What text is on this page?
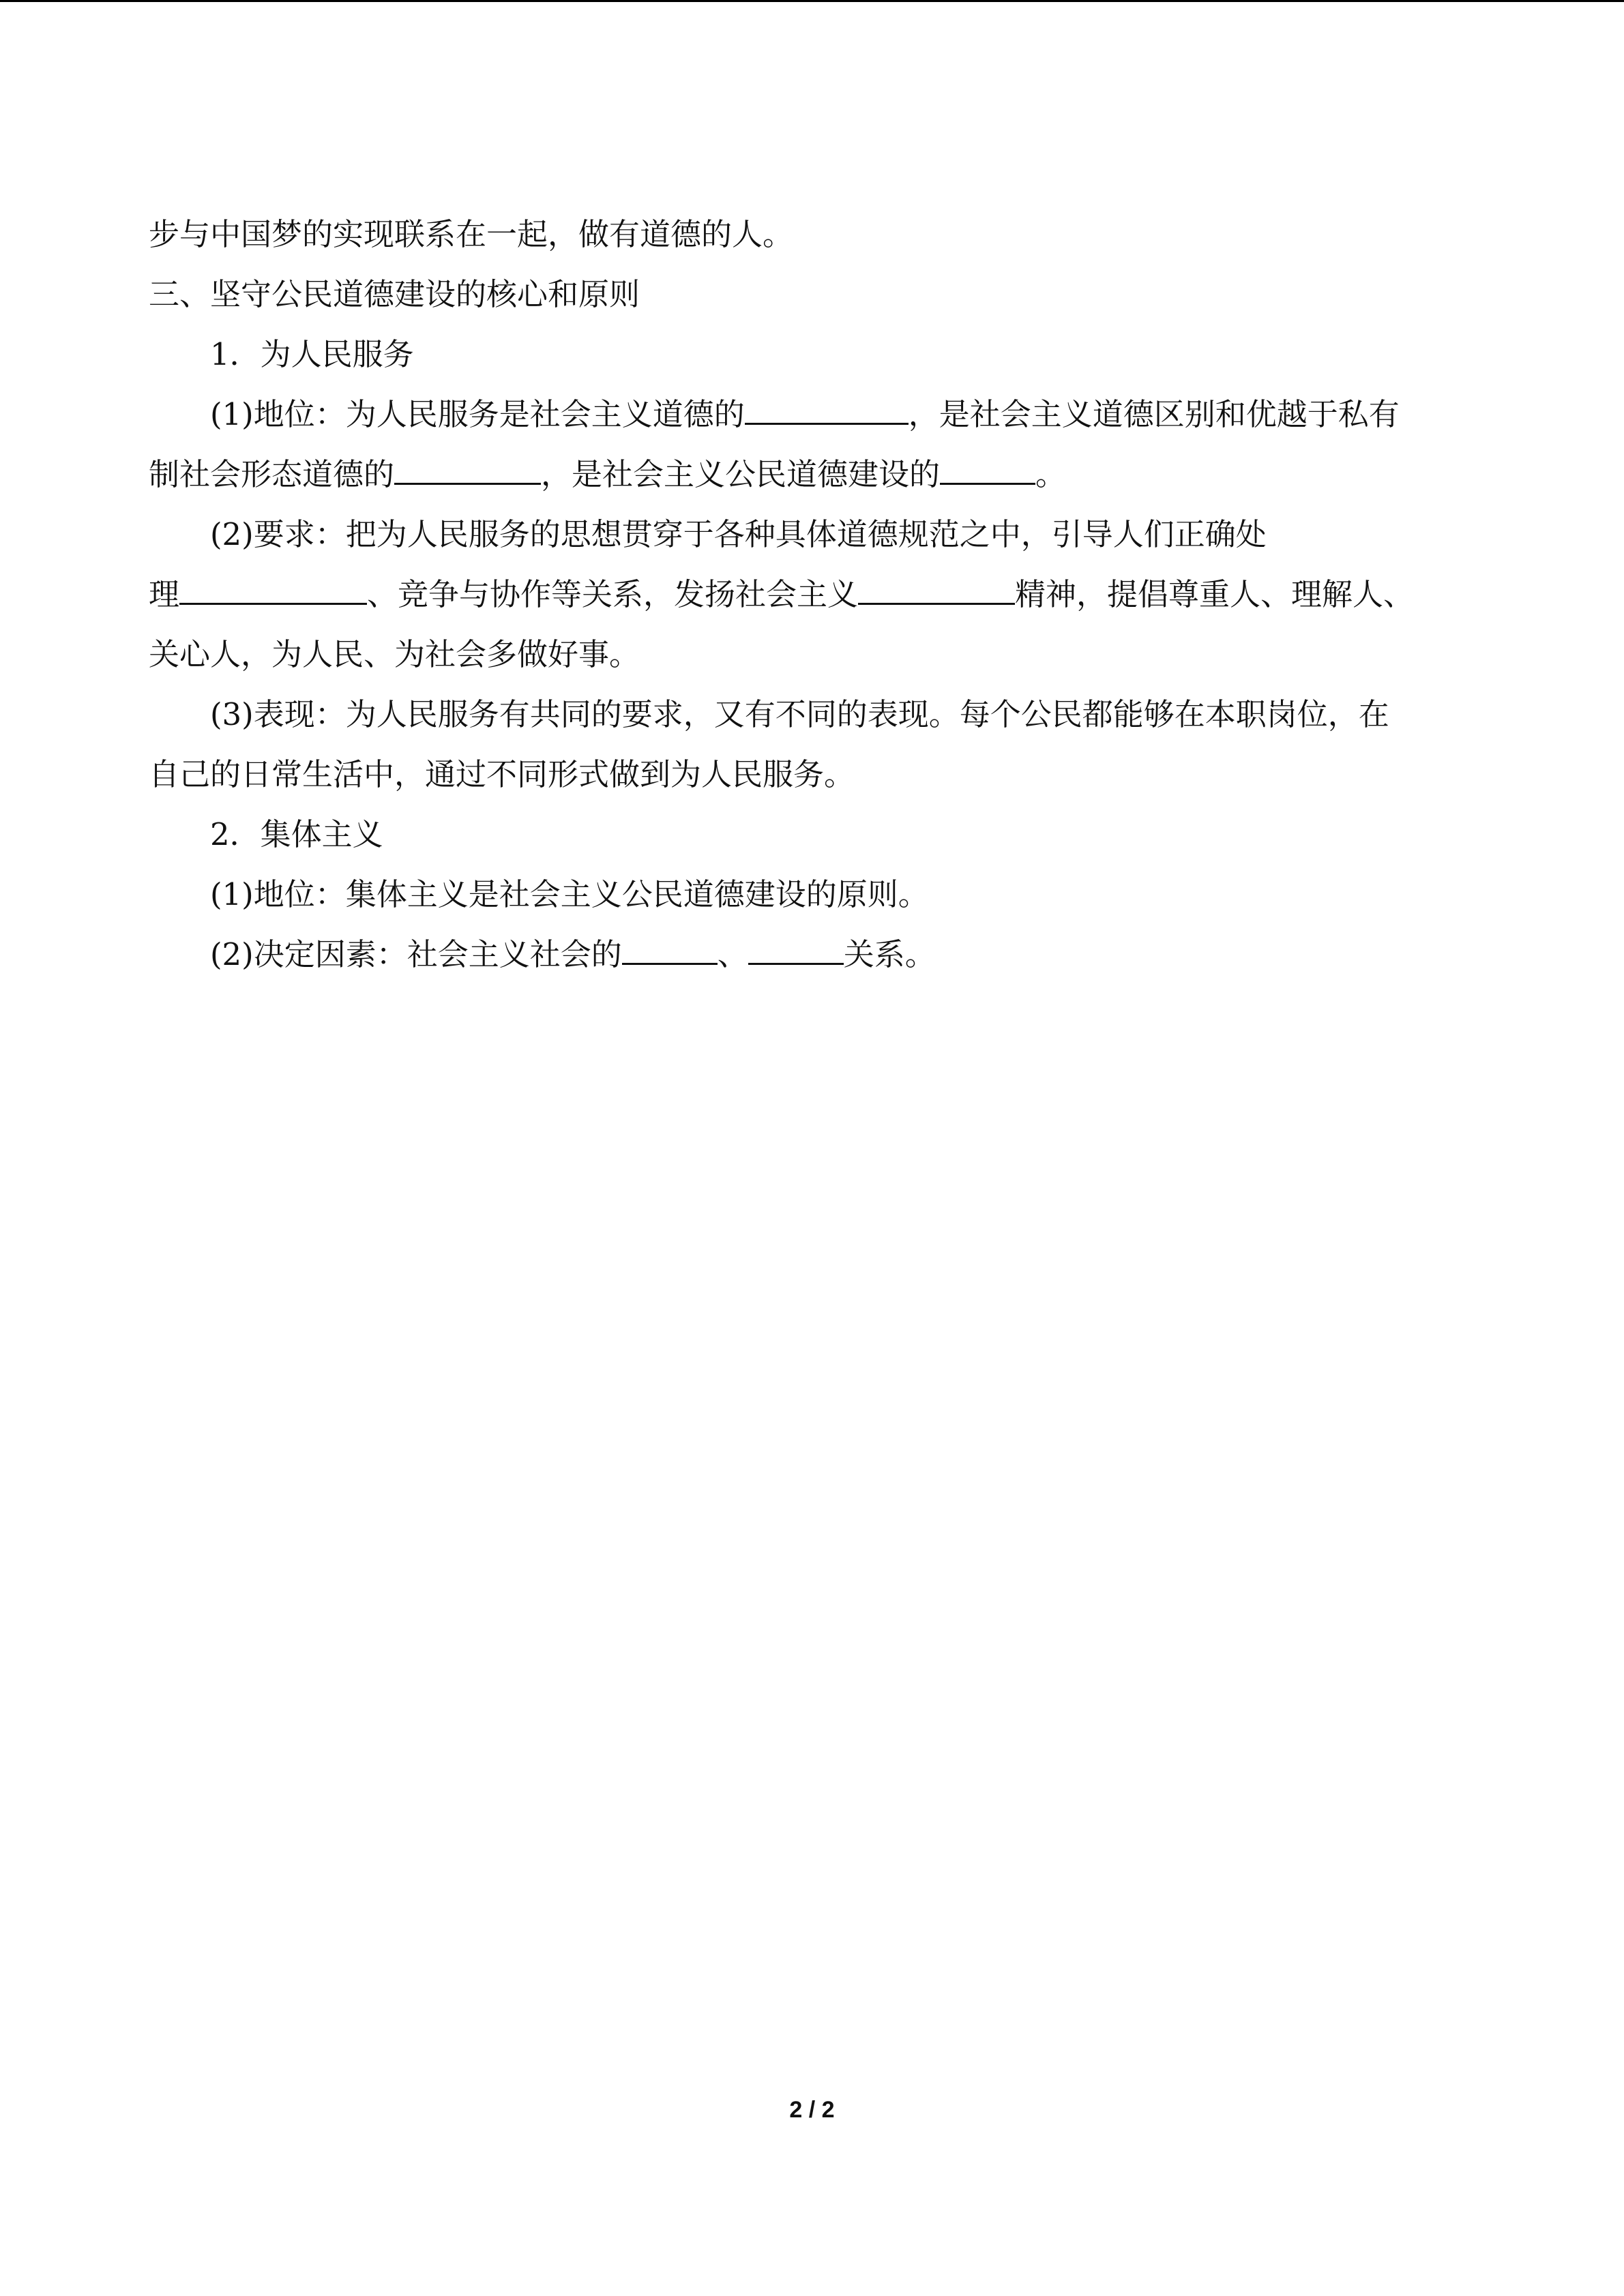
步与中国梦的实现联系在一起，做有道德的人。
三、坚守公民道德建设的核心和原则
1．为人民服务
(1)地位：为人民服务是社会主义道德的	，是社会主义道德区别和优越于私有
制社会形态道德的	，是社会主义公民道德建设的	。
(2)要求：把为人民服务的思想贯穿于各种具体道德规范之中，引导人们正确处
理	、竞争与协作等关系，发扬社会主义	精神，提倡尊重人、理解人、
关心人，为人民、为社会多做好事。
(3)表现：为人民服务有共同的要求，又有不同的表现。每个公民都能够在本职岗位，在
自己的日常生活中，通过不同形式做到为人民服务。
2．集体主义
(1)地位：集体主义是社会主义公民道德建设的原则。
(2)决定因素：社会主义社会的	、	关系。
2 / 2
